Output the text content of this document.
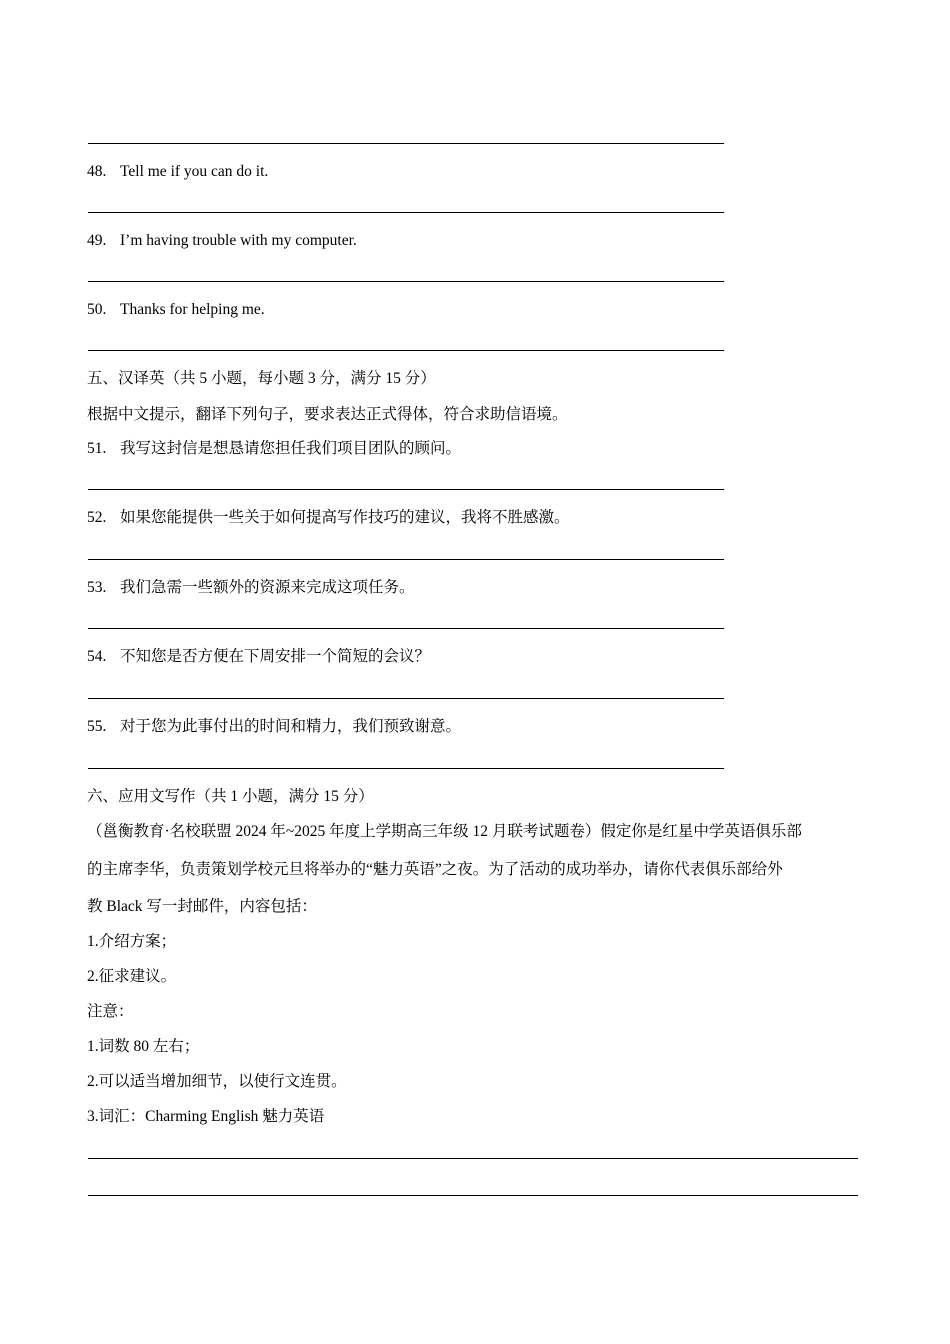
48. Tell me if you can do it.
49. I’m having trouble with my computer.
50. Thanks for helping me.
五、汉译英（共 5 小题，每小题 3 分，满分 15 分）
根据中文提示，翻译下列句子，要求表达正式得体，符合求助信语境。
51. 我写这封信是想恳请您担任我们项目团队的顾问。
52. 如果您能提供一些关于如何提高写作技巧的建议，我将不胜感激。
53. 我们急需一些额外的资源来完成这项任务。
54. 不知您是否方便在下周安排一个简短的会议？
55. 对于您为此事付出的时间和精力，我们预致谢意。
六、应用文写作（共 1 小题，满分 15 分）
（邕衡教育·名校联盟 2024 年~2025 年度上学期高三年级 12 月联考试题卷）假定你是红星中学英语俱乐部
的主席李华，负责策划学校元旦将举办的“魅力英语”之夜。为了活动的成功举办，请你代表俱乐部给外
教 Black 写一封邮件，内容包括：
1.介绍方案；
2.征求建议。
注意：
1.词数 80 左右；
2.可以适当增加细节，以使行文连贯。
3.词汇：Charming English 魅力英语
